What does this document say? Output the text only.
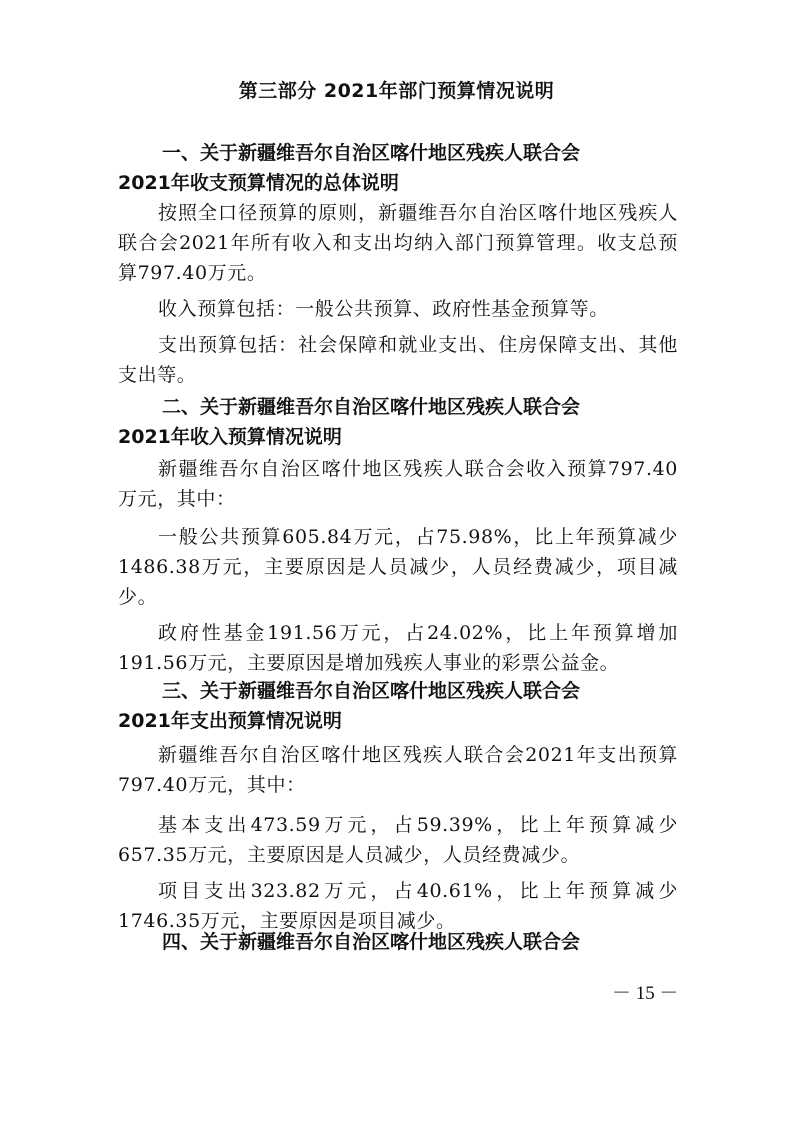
第三部分 2021年部门预算情况说明
一、关于新疆维吾尔自治区喀什地区残疾人联合会
2021年收支预算情况的总体说明

按照全口径预算的原则，新疆维吾尔自治区喀什地区残疾人联合会2021年所有收入和支出均纳入部门预算管理。收支总预算797.40万元。

收入预算包括：一般公共预算、政府性基金预算等。

支出预算包括：社会保障和就业支出、住房保障支出、其他支出等。

二、关于新疆维吾尔自治区喀什地区残疾人联合会
2021年收入预算情况说明

新疆维吾尔自治区喀什地区残疾人联合会收入预算797.40万元，其中：

一般公共预算605.84万元，占75.98%，比上年预算减少1486.38万元，主要原因是人员减少，人员经费减少，项目减少。

政府性基金191.56万元，占24.02%，比上年预算增加191.56万元，主要原因是增加残疾人事业的彩票公益金。

三、关于新疆维吾尔自治区喀什地区残疾人联合会
2021年支出预算情况说明

新疆维吾尔自治区喀什地区残疾人联合会2021年支出预算797.40万元，其中：

基本支出473.59万元，占59.39%，比上年预算减少657.35万元，主要原因是人员减少，人员经费减少。

项目支出323.82万元，占40.61%，比上年预算减少1746.35万元，主要原因是项目减少。

四、关于新疆维吾尔自治区喀什地区残疾人联合会
－ 15 －
